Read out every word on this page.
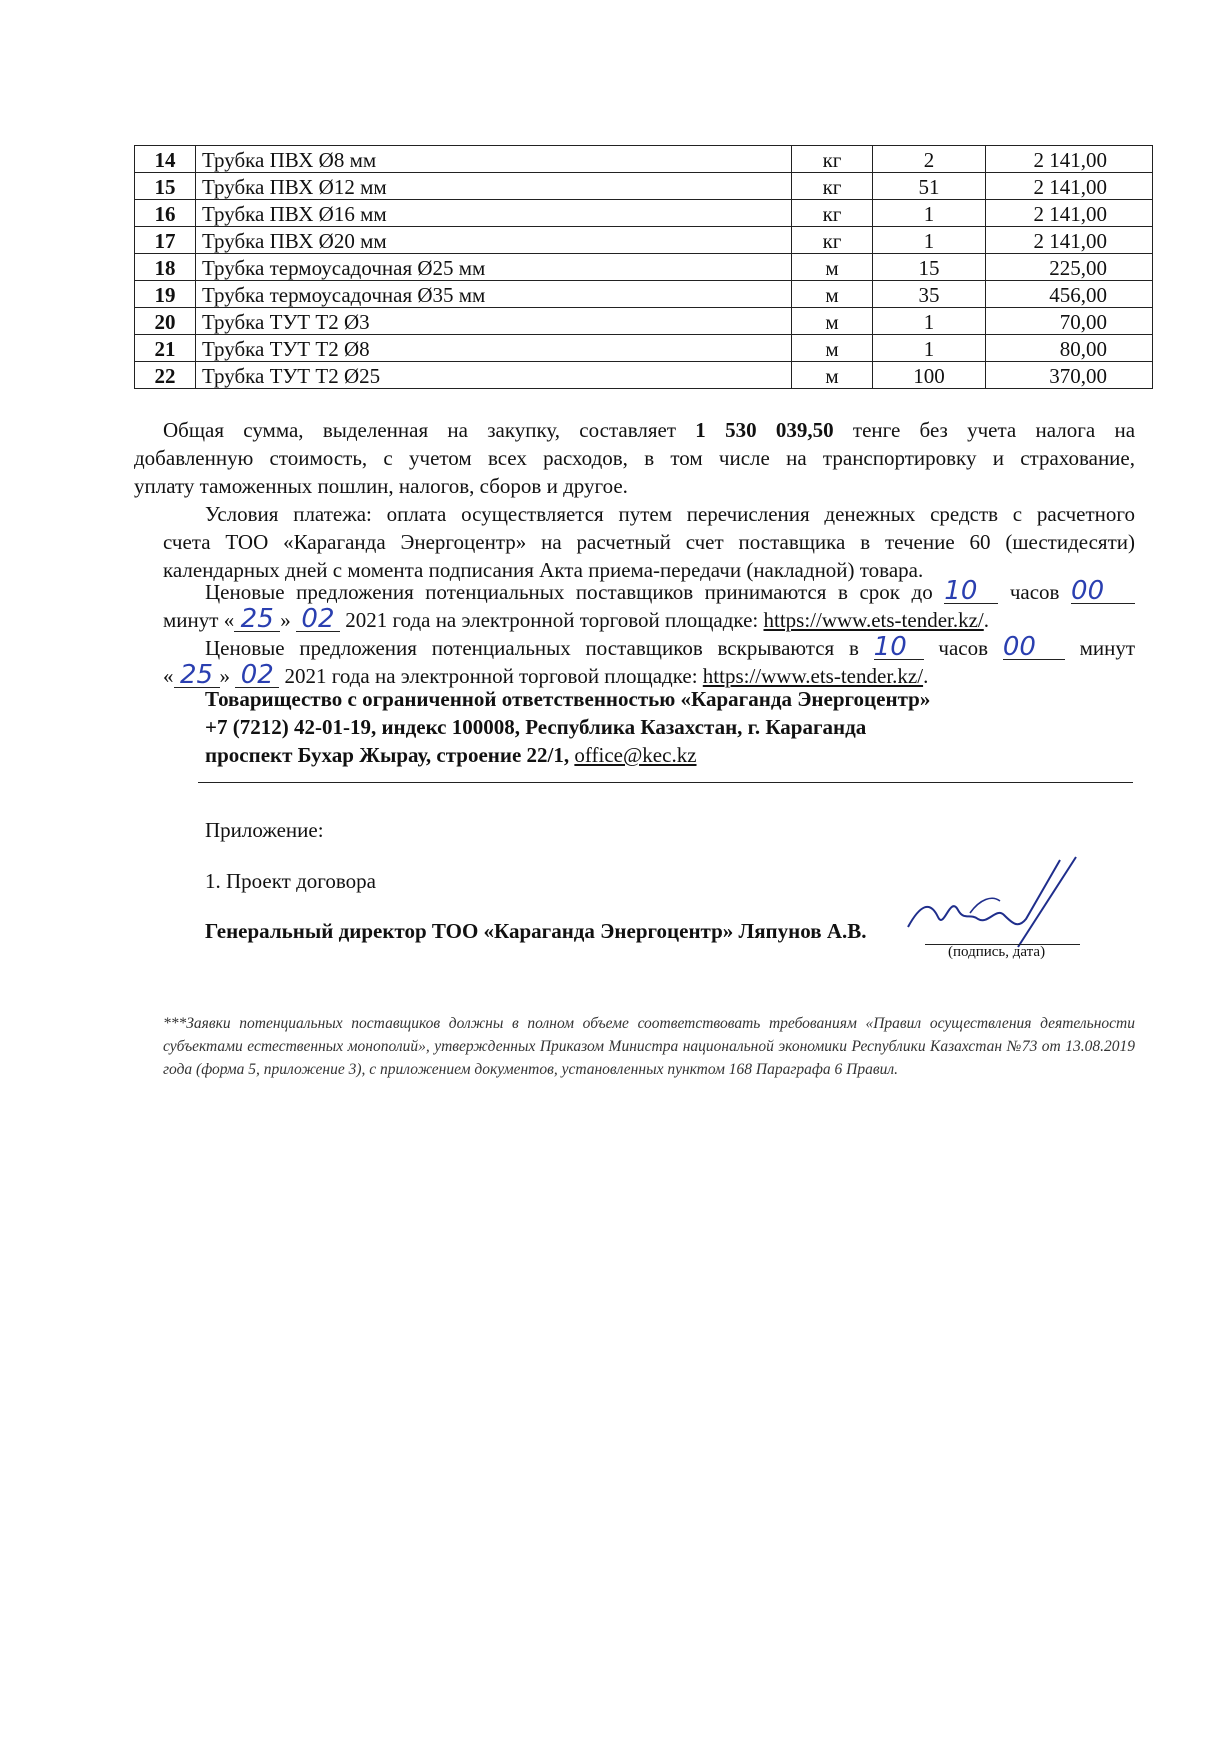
14	Трубка ПВХ Ø8 мм	кг	2	2 141,00
15	Трубка ПВХ Ø12 мм	кг	51	2 141,00
16	Трубка ПВХ Ø16 мм	кг	1	2 141,00
17	Трубка ПВХ Ø20 мм	кг	1	2 141,00
18	Трубка термоусадочная Ø25 мм	м	15	225,00
19	Трубка термоусадочная Ø35 мм	м	35	456,00
20	Трубка ТУТ Т2 Ø3	м	1	70,00
21	Трубка ТУТ Т2 Ø8	м	1	80,00
22	Трубка ТУТ Т2 Ø25	м	100	370,00

Общая сумма, выделенная на закупку, составляет 1 530 039,50 тенге без учета налога на

добавленную стоимость, с учетом всех расходов, в том числе на транспортировку и страхование,

уплату таможенных пошлин, налогов, сборов и другое.

Условия платежа: оплата осуществляется путем перечисления денежных средств с расчетного

счета ТОО «Караганда Энергоцентр» на расчетный счет поставщика в течение 60 (шестидесяти)

календарных дней с момента подписания Акта приема-передачи (накладной) товара.

Ценовые предложения потенциальных поставщиков принимаются в срок до 10 часов 00

минут « 25 » 02 2021 года на электронной торговой площадке: https://www.ets-tender.kz/.

Ценовые предложения потенциальных поставщиков вскрываются в 10 часов 00 минут

« 25 » 02 2021 года на электронной торговой площадке: https://www.ets-tender.kz/.

Товарищество с ограниченной ответственностью «Караганда Энергоцентр»

+7 (7212) 42-01-19, индекс 100008, Республика Казахстан, г. Караганда

проспект Бухар Жырау, строение 22/1, office@kec.kz

Приложение:

1. Проект договора

Генеральный директор ТОО «Караганда Энергоцентр» Ляпунов А.В.

(подпись, дата)

***Заявки потенциальных поставщиков должны в полном объеме соответствовать требованиям «Правил осуществления деятельности субъектами естественных монополий», утвержденных Приказом Министра национальной экономики Республики Казахстан №73 от 13.08.2019 года (форма 5, приложение 3), с приложением документов, установленных пунктом 168 Параграфа 6 Правил.
